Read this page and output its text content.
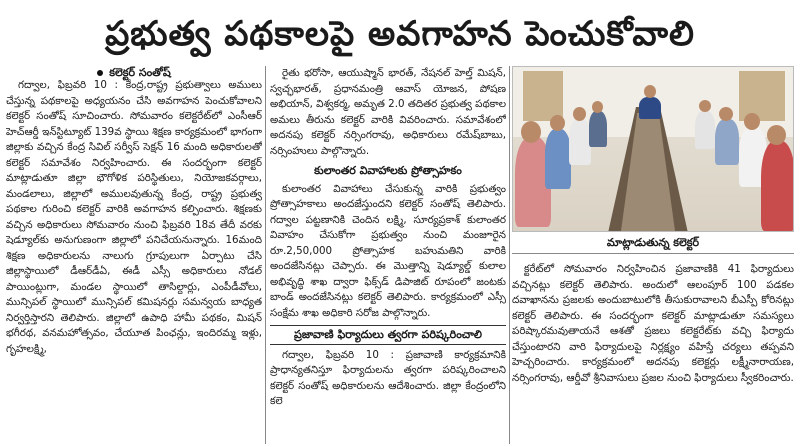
ప్రభుత్వ పథకాలపై అవగాహన పెంచుకోవాలి
కలెక్టర్ సంతోష్

గద్వాల, ఫిబ్రవరి 10 : కేంద్ర,రాష్ట్ర ప్రభుత్వాలు అములు చేస్తున్న పథకాలపై అధ్యయనం చేసి అవగాహన పెంచుకోవాలని కలెక్టర్ సంతోష్ సూచించారు. సోమవారం కలెక్టరేట్‌లో ఎంసీఆర్ హెచ్ఆర్డీ ఇన్‌స్టిట్యూట్ 139వ స్థాయి శిక్షణ కార్యక్రమంలో భాగంగా జిల్లాకు వచ్చిన కేంద్ర సివిల్ సర్వీస్ సెక్షన్ 16 మంది అధికారులతో కలెక్టర్ సమావేశం నిర్వహించారు. ఈ సందర్భంగా కలెక్టర్ మాట్లాడుతూ జిల్లా భౌగోళిక పరిస్థితులు, నియోజకవర్గాలు, మండలాలు, జిల్లాలో అములవుతున్న కేంద్ర, రాష్ట్ర ప్రభుత్వ పథకాల గురించి కలెక్టర్ వారికి అవగాహన కల్పించారు. శిక్షణకు వచ్చిన అధికారులు సోమవారం నుంచి ఫిబ్రవరి 18వ తేదీ వరకు షెడ్యూల్‌కు అనుగుణంగా జిల్లాలో పనిచేయనున్నారు. 16మంది శిక్షణ అధికారులను నాలుగు గ్రూపులుగా ఏర్పాటు చేసి జిల్లాస్థాయిలో డీఆర్‌డీఏ, ఈడీ ఎస్సీ అధికారులు నోడల్ పాయింట్లుగా, మండల స్థాయిలో తాసిల్దార్లు, ఎంపీడీవోలు, మున్సిపల్ స్థాయిలో మున్సిపల్ కమిషనర్లు సమన్వయ బాధ్యత నిర్వర్తిస్తారని తెలిపారు. జిల్లాలో ఉపాధి హామీ పథకం, మిషన్ భగీరథ, వనమహోత్సవం, చేయూత పింఛన్లు, ఇందిరమ్మ ఇళ్లు, గృహలక్ష్మి,

రైతు భరోసా, ఆయుష్మాన్ భారత్, నేషనల్ హెల్త్ మిషన్, స్వచ్ఛభారత్, ప్రధానమంత్రి ఆవాస్ యోజన, పోషణ అభియాన్, విశ్వకర్మ, అమృత 2.0 తదితర ప్రభుత్వ పథకాల అమలు తీరును కలెక్టర్ వారికి వివరించారు. సమావేశంలో అదనపు కలెక్టర్ నర్సింగరావు, అధికారులు రమేష్‌బాబు, నర్సింహులు పాల్గొన్నారు.

కులాంతర వివాహాలకు ప్రోత్సాహకం

కులాంతర వివాహాలు చేసుకున్న వారికి ప్రభుత్వం ప్రోత్సాహకాలు అందజేస్తుందని కలెక్టర్ సంతోష్ తెలిపారు. గద్వాల పట్టణానికి చెందిన లక్ష్మి, సూర్యప్రకాశ్ కులాంతర వివాహం చేసుకోగా ప్రభుత్వం నుంచి మంజూరైన రూ.2,50,000 ప్రోత్సాహక బహుమతిని వారికి అందజేసినట్లు చెప్పారు. ఈ మొత్తాన్ని షెడ్యూల్డ్ కులాల అభివృద్ధి శాఖ ద్వారా ఫిక్స్‌డ్ డిపాజిట్ రూపంలో జంటకు బాండ్ అందజేసినట్లు కలెక్టర్ తెలిపారు. కార్యక్రమంలో ఎస్సీ సంక్షేమ శాఖ అధికారి సరోజ పాల్గొన్నారు.

ప్రజావాణి ఫిర్యాదులు త్వరగా పరిష్కరించాలి

గద్వాల, ఫిబ్రవరి 10 : ప్రజావాణి కార్యక్రమానికి ప్రాధాన్యతనిస్తూ ఫిర్యాదులను త్వరగా పరిష్కరించాలని కలెక్టర్ సంతోష్ అధికారులను ఆదేశించారు. జిల్లా కేంద్రంలోని కలె

మాట్లాడుతున్న కలెక్టర్

క్టరేట్‌లో సోమవారం నిర్వహించిన ప్రజావాణికి 41 ఫిర్యాదులు వచ్చినట్లు కలెక్టర్ తెలిపారు. అందులో ఆలంపూర్ 100 పడకల దవాఖానను ప్రజలకు అందుబాటులోకి తీసుకురావాలని బీఎస్పీ కోరినట్లు కలెక్టర్ తెలిపారు. ఈ సందర్భంగా కలెక్టర్ మాట్లాడుతూ సమస్యలు పరిష్కారమవుతాయనే ఆశతో ప్రజలు కలెక్టరేట్‌కు వచ్చి ఫిర్యాదు చేస్తుంటారని వారి ఫిర్యాదులపై నిర్లక్ష్యం వహిస్తే చర్యలు తప్పవని హెచ్చరించారు. కార్యక్రమంలో అదనపు కలెక్టర్లు లక్ష్మీనారాయణ, నర్సింగరావు, ఆర్డీవో శ్రీనివాసులు ప్రజల నుంచి ఫిర్యాదులు స్వీకరించారు.
